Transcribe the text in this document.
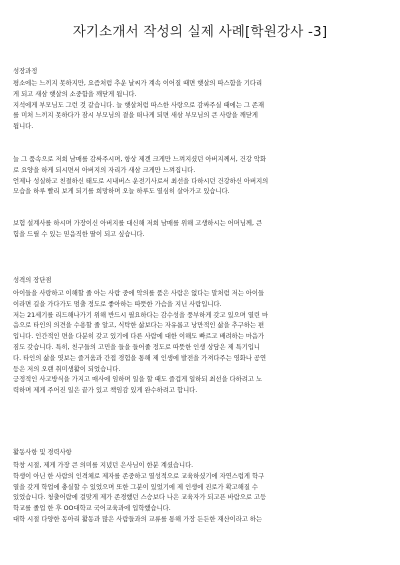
자기소개서 작성의 실제 사례[학원강사 -3]
성장과정
평소에는 느끼지 못하지만, 요즘처럼 추운 날씨가 계속 이어질 때면 햇살의 따스함을 기다리
게 되고 새삼 햇살의 소중함을 깨닫게 됩니다.
지석에게 부모님도 그런 것 같습니다. 늘 햇살처럼 따스한 사랑으로 감싸주실 때에는 그 존재
를 미처 느끼지 못하다가 잠시 부모님의 곁을 떠나게 되면 새삼 부모님의 큰 사랑을 깨닫게
됩니다.
늘 그 품속으로 저희 남매를 감싸주시며, 항상 제겐 크게만 느껴지셨던 아버지께서, 건강 악화
로 요양을 하게 되시면서 아버지의 자리가 새삼 크게만 느껴집니다.
언제나 성실하고 친절하신 태도로 시내버스 운전기사로서 최선을 다하시던 건강하신 아버지의
모습을 하루 빨리 보게 되기를 희망하며 오늘 하루도 열심히 살아가고 있습니다.
보험 설계사를 하시며 가장이신 아버지를 대신해 저희 남매를 위해 고생하시는 어머님께, 큰
힘을 드릴 수 있는 믿음직한 딸이 되고 싶습니다.
성격의 장단점
아이들을 사랑하고 이해할 줄 아는 사람 중에 악의를 품은 사람은 없다는 말처럼 저는 아이들
이라면 길을 가다가도 멈출 정도로 좋아하는 따뜻한 가슴을 지닌 사람입니다.
저는 21세기를 리드해나가기 위해 반드시 필요하다는 감수성을 풍부하게 갖고 있으며 열린 마
음으로 타인의 의견을 수용할 줄 알고, 식탁한 삶보다는 자유롭고 낭만적인 삶을 추구하는 편
입니다. 인간적인 면을 다분히 갖고 있기에 다른 사람에 대한 이해도 빠르고 배려하는 마음가
짐도 갖습니다. 특히, 친구들의 고민을 들을 들어줄 정도로 따뜻한 인생 상담은 제 특기입니
다. 타인의 삶을 엿보는 즐거움과 간접 경험을 통해 제 인생에 발전을 가져다주는 영화나 공연
등은 저의 오랜 취미생활이 되었습니다.
긍정적인 사고방식을 가지고 매사에 임하며 일을 할 때도 즐겁게 일하되 최선을 다하려고 노
력하며 제게 주어진 일은 끝가 있고 책임감 있게 완수하려고 합니다.
활동사항 및 경력사항
학창 시절, 제게 가장 큰 의미를 지녔던 은사님이 한분 계셨습니다.
학생이 아닌 한 사람의 인격체로 제자를 존중하고 열성적으로 교육하셨기에 자연스럽게 학구
열을 갖게 학업에 충실할 수 있었으며 또한 그분이 있었기에 제 인생에 진로가 확고해질 수
있었습니다. 청출어람에 걸맞게 제가 존경했던 스승보다 나은 교육자가 되고픈 바람으로 고등
학교를 졸업 한 후 OO대학교 국어교육과에 입학했습니다.
대학 시절 다양한 동아리 활동과 많은 사람들과의 교류를 통해 가장 든든한 재산이라고 하는
